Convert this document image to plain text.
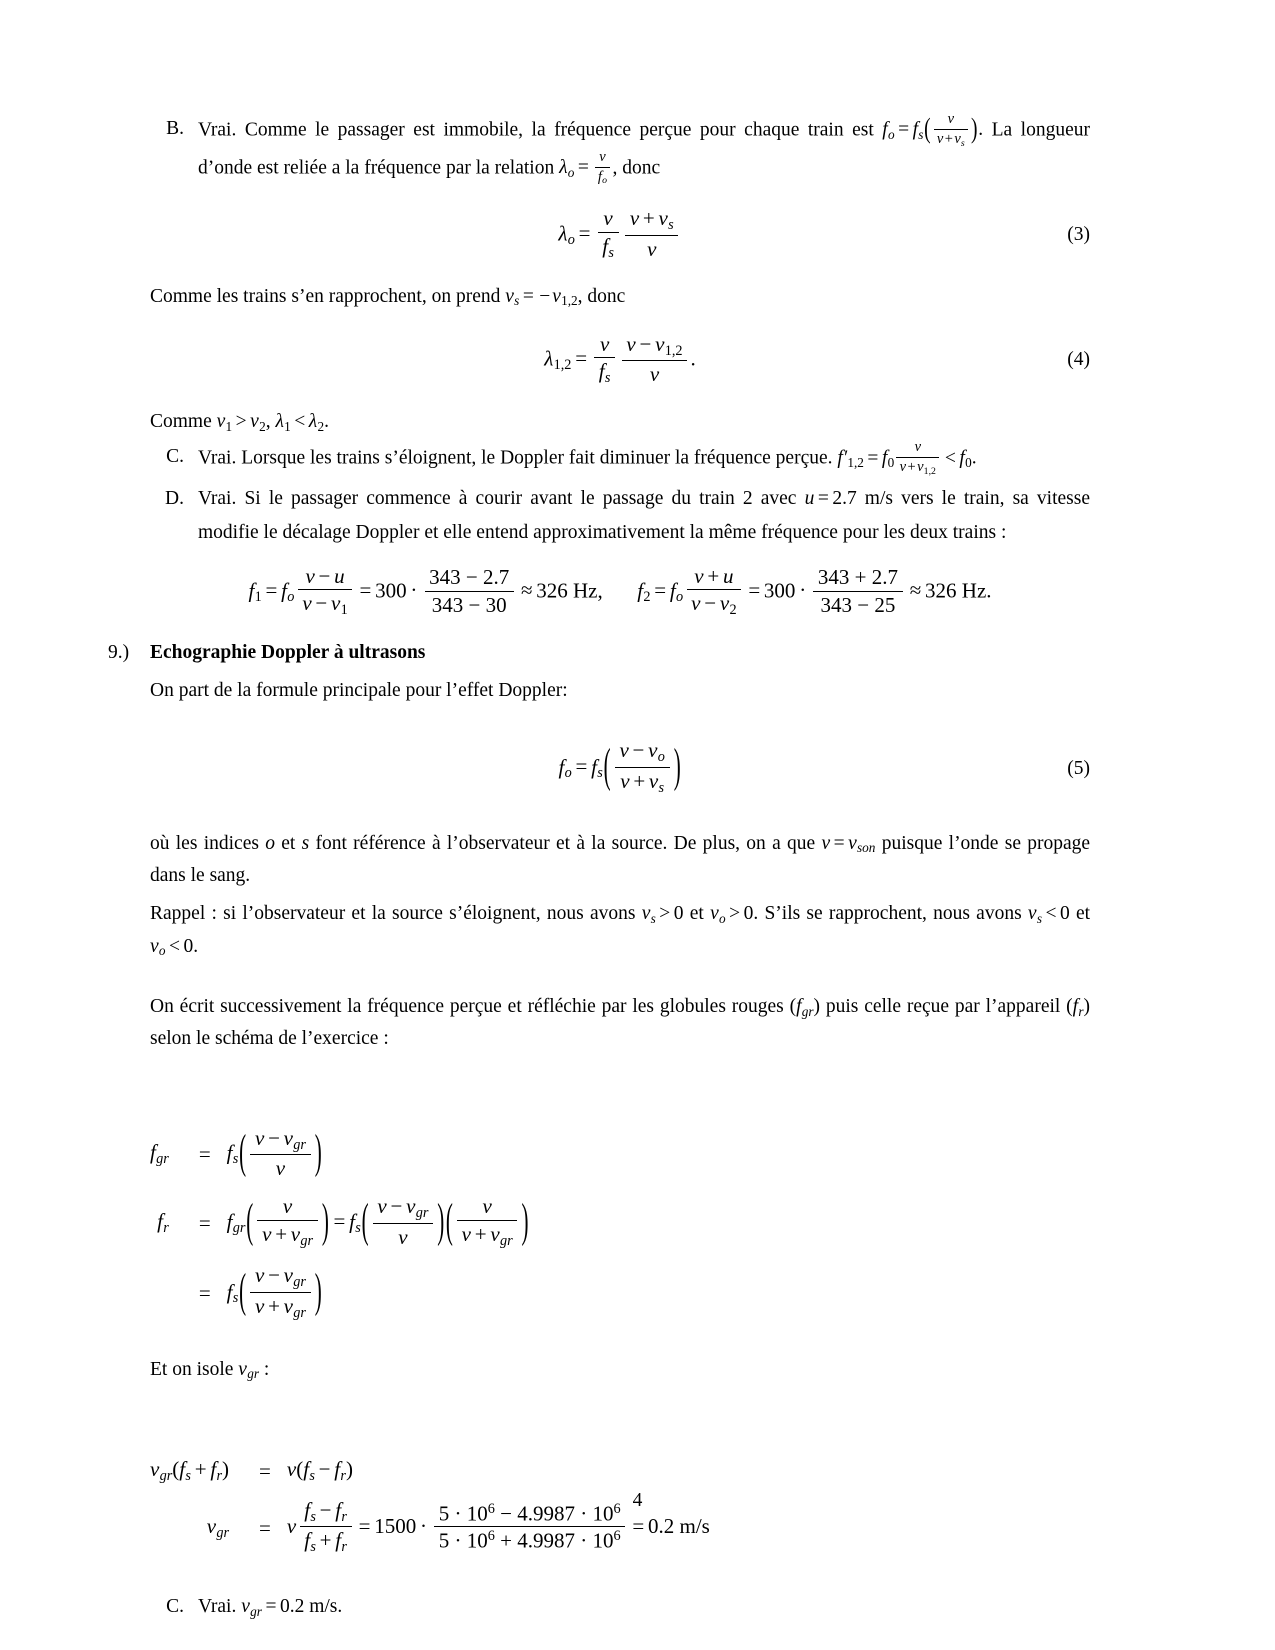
B. Vrai. Comme le passager est immobile, la fréquence perçue pour chaque train est $f_o = f_s( \frac{v}{v+v_s}$ ). La longueur d’onde est reliée a la fréquence par la relation $\lambda_o = \frac{v}{f_o}$ , donc
$\lambda_o = \frac{v}{f_s} \frac{v + v_s}{v}$	(3)

Comme les trains s’en rapprochent, on prend $v_s = -v_{1,2}$, donc

$\lambda_{1,2} = \frac{v}{f_s} \frac{v - v_{1,2}}{v}$ .	(4)

Comme $v_1 > v_2$, $\lambda_1 < \lambda_2$.

C. Vrai. Lorsque les trains s’éloignent, le Doppler fait diminuer la fréquence perçue. $f'_{1,2} = f_0 \frac{v}{v+v_{1,2}} < f_0$.
D. Vrai. Si le passager commence à courir avant le passage du train 2 avec u = 2.7 m/s vers le train, sa vitesse modifie le décalage Doppler et elle entend approximativement la même fréquence pour les deux trains :
$f_1 = f_o \frac{v - u}{v - v_1} = 300 \cdot \frac{343 - 2.7}{343 - 30} \approx 326$ Hz, $f_2 = f_o \frac{v + u}{v - v_2} = 300 \cdot \frac{343 + 2.7}{343 - 25} \approx 326$ Hz.
9.)	Echographie Doppler à ultrasons

On part de la formule principale pour l’effet Doppler:

$f_o = f_s( \frac{v - v_o}{v + v_s}$ )	(5)

où les indices o et s font référence à l’observateur et à la source. De plus, on a que $v = v_{son}$ puisque l’onde se propage dans le sang.

Rappel : si l’observateur et la source s’éloignent, nous avons $v_s > 0$ et $v_o > 0$. S’ils se rapprochent, nous avons $v_s < 0$ et $v_o < 0$.

On écrit successivement la fréquence perçue et réfléchie par les globules rouges $(f_{gr})$ puis celle reçue par l’appareil $(f_r)$ selon le schéma de l’exercice :

$f_{gr}$	=	$f_s( \frac{v - v_{gr}}{v}$ )
$f_r$	=	$f_{gr}( \frac{v}{v + v_{gr}}$ ) = $f_s( \frac{v - v_{gr}}{v}$ )( $\frac{v}{v + v_{gr}}$ )
	=	$f_s( \frac{v - v_{gr}}{v + v_{gr}}$ )

Et on isole $v_{gr}$ :

$v_{gr}(f_s + f_r)$	=	$v(f_s - f_r)$
$v_{gr}$	=	v $\frac{f_s - f_r}{f_s + f_r} = 1500 \cdot \frac{5 \cdot 10^6 - 4.9987 \cdot 10^6}{5 \cdot 10^6 + 4.9987 \cdot 10^6} = 0.2$ m/s
C. Vrai. $v_{gr} = 0.2$ m/s.
4
